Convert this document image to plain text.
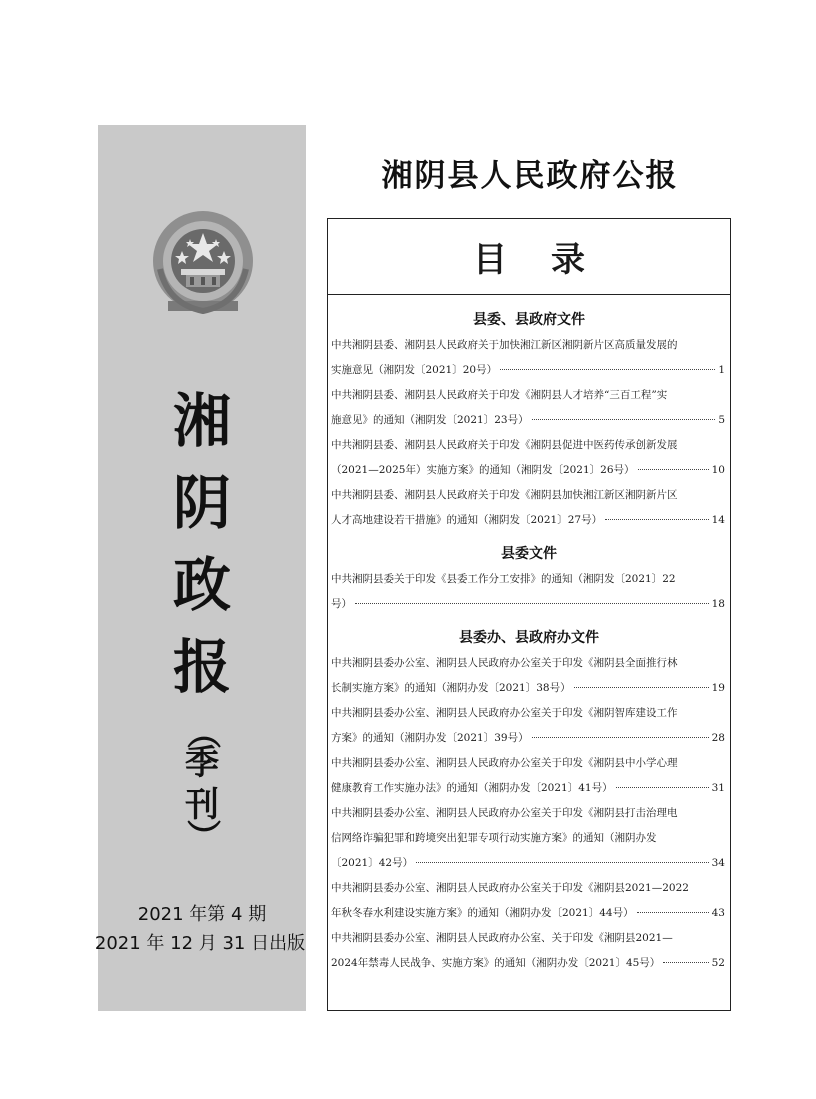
湘
阴
政
报
（
季
刊
）
2021 年第 4 期
2021 年 12 月 31 日出版
湘阴县人民政府公报
目录
县委、县政府文件
中共湘阴县委、湘阴县人民政府关于加快湘江新区湘阴新片区高质量发展的
实施意见（湘阴发〔2021〕20号）	1
中共湘阴县委、湘阴县人民政府关于印发《湘阴县人才培养“三百工程”实
施意见》的通知（湘阴发〔2021〕23号）	5
中共湘阴县委、湘阴县人民政府关于印发《湘阴县促进中医药传承创新发展
（2021—2025年）实施方案》的通知（湘阴发〔2021〕26号）	10
中共湘阴县委、湘阴县人民政府关于印发《湘阴县加快湘江新区湘阴新片区
人才高地建设若干措施》的通知（湘阴发〔2021〕27号）	14
县委文件
中共湘阴县委关于印发《县委工作分工安排》的通知（湘阴发〔2021〕22
号）	18
县委办、县政府办文件
中共湘阴县委办公室、湘阴县人民政府办公室关于印发《湘阴县全面推行林
长制实施方案》的通知（湘阴办发〔2021〕38号）	19
中共湘阴县委办公室、湘阴县人民政府办公室关于印发《湘阴智库建设工作
方案》的通知（湘阴办发〔2021〕39号）	28
中共湘阴县委办公室、湘阴县人民政府办公室关于印发《湘阴县中小学心理
健康教育工作实施办法》的通知（湘阴办发〔2021〕41号）	31
中共湘阴县委办公室、湘阴县人民政府办公室关于印发《湘阴县打击治理电
信网络诈骗犯罪和跨境突出犯罪专项行动实施方案》的通知（湘阴办发
〔2021〕42号）	34
中共湘阴县委办公室、湘阴县人民政府办公室关于印发《湘阴县2021—2022
年秋冬春水利建设实施方案》的通知（湘阴办发〔2021〕44号）	43
中共湘阴县委办公室、湘阴县人民政府办公室、关于印发《湘阴县2021—
2024年禁毒人民战争、实施方案》的通知（湘阴办发〔2021〕45号）	52
